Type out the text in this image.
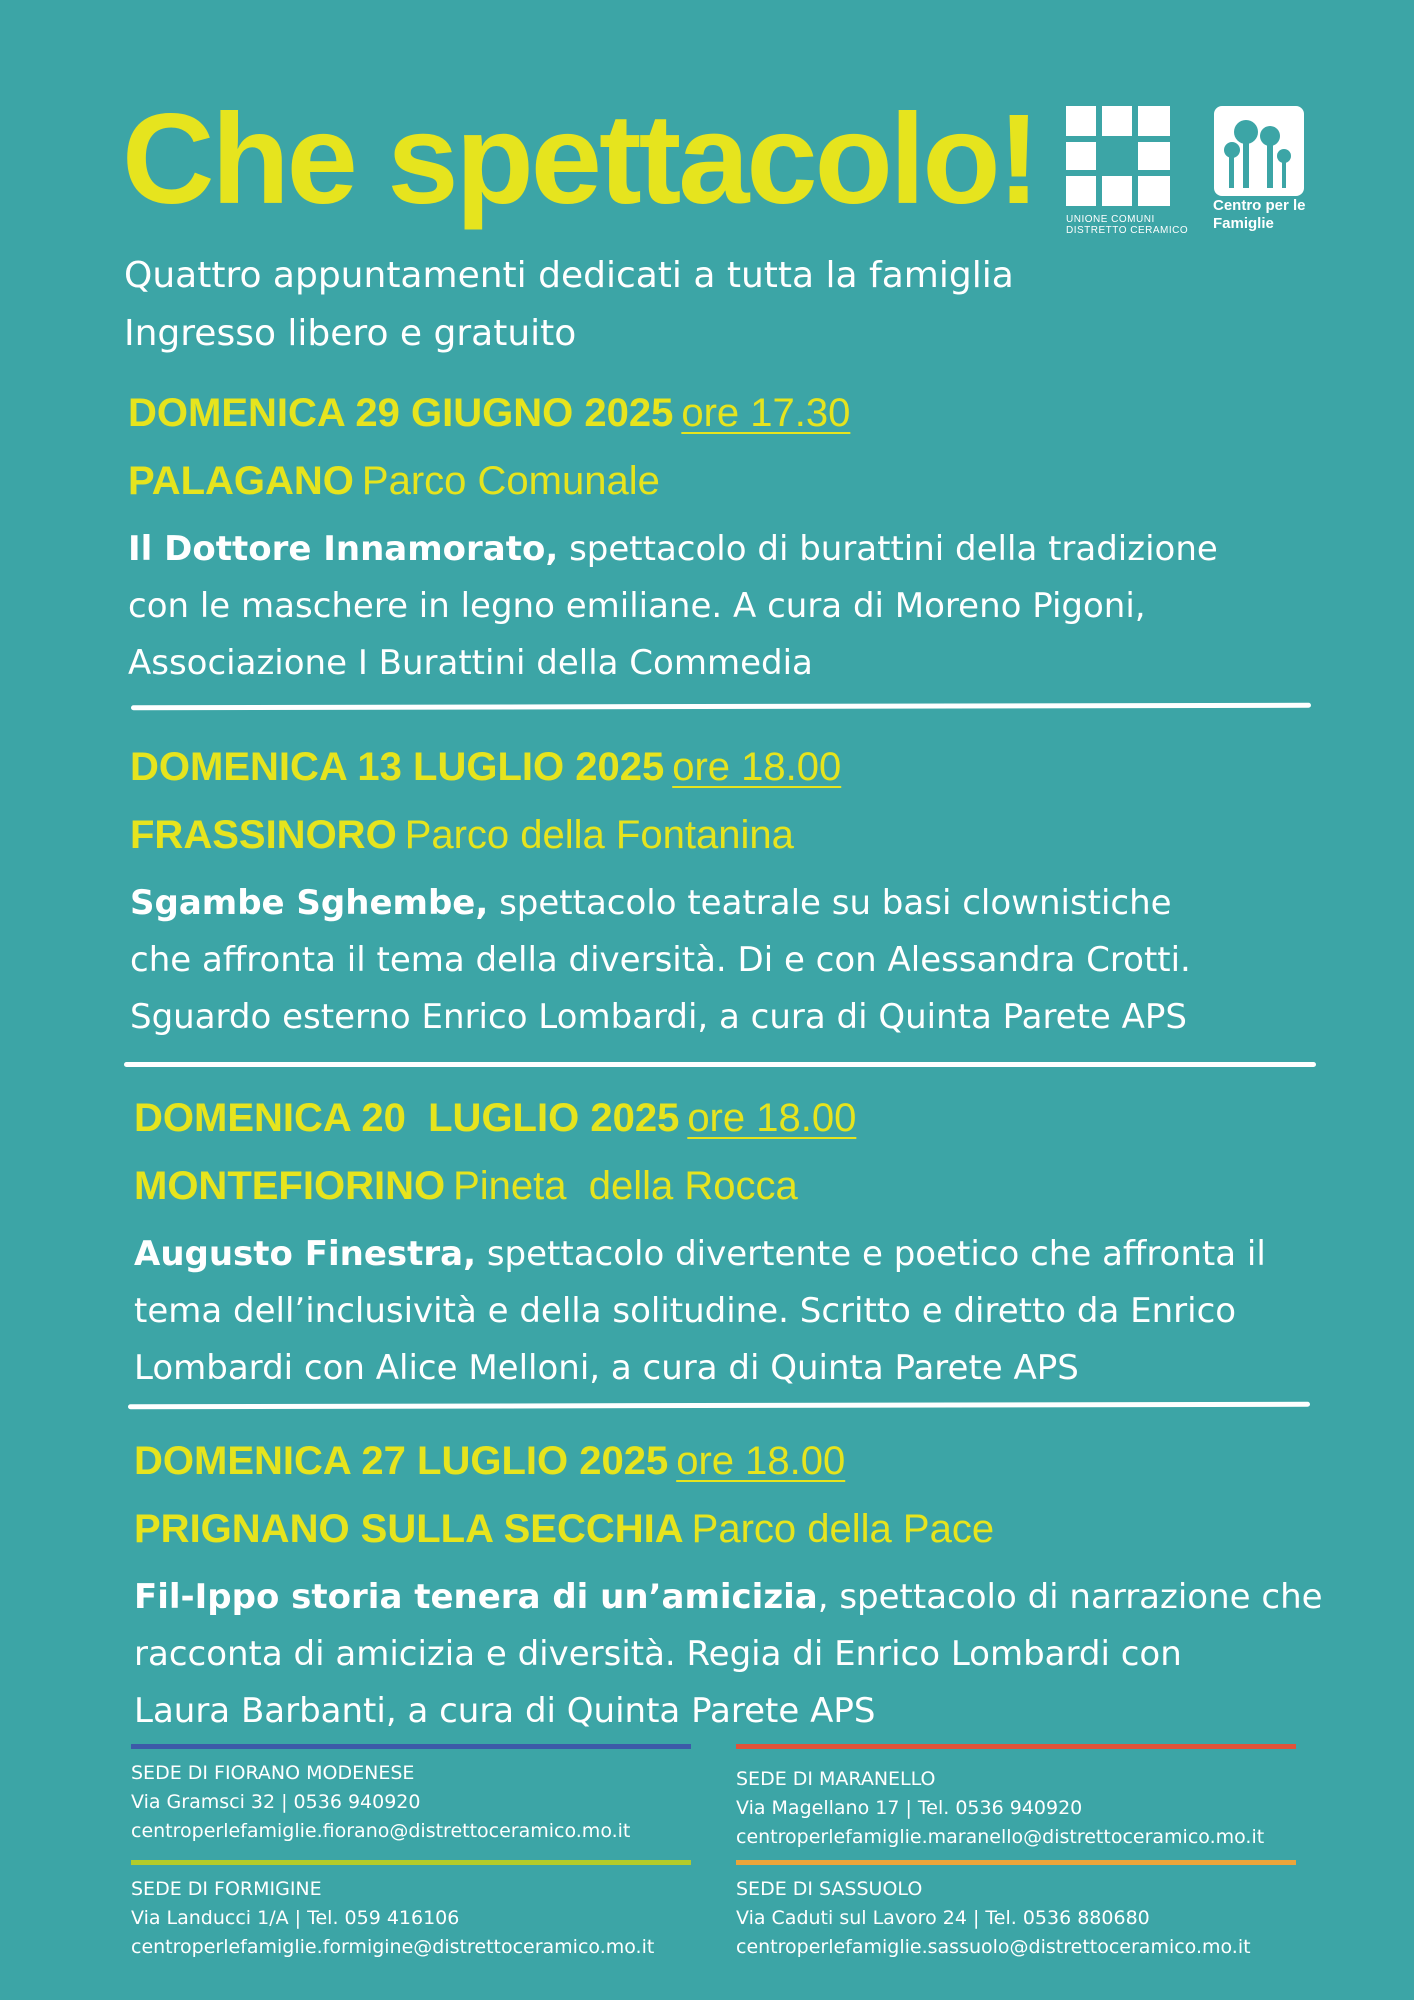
Che spettacolo!
Quattro appuntamenti dedicati a tutta la famiglia
Ingresso libero e gratuito
UNIONE COMUNI
DISTRETTO CERAMICO
Centro per le
Famiglie
DOMENICA 29 GIUGNO 2025 ore 17.30
PALAGANO Parco Comunale
Il Dottore Innamorato, spettacolo di burattini della tradizione
con le maschere in legno emiliane. A cura di Moreno Pigoni,
Associazione I Burattini della Commedia
DOMENICA 13 LUGLIO 2025 ore 18.00
FRASSINORO Parco della Fontanina
Sgambe Sghembe, spettacolo teatrale su basi clownistiche
che affronta il tema della diversità. Di e con Alessandra Crotti.
Sguardo esterno Enrico Lombardi, a cura di Quinta Parete APS
DOMENICA 20  LUGLIO 2025 ore 18.00
MONTEFIORINO Pineta  della Rocca
Augusto Finestra, spettacolo divertente e poetico che affronta il
tema dell’inclusività e della solitudine. Scritto e diretto da Enrico
Lombardi con Alice Melloni, a cura di Quinta Parete APS
DOMENICA 27 LUGLIO 2025 ore 18.00
PRIGNANO SULLA SECCHIA Parco della Pace
Fil-Ippo storia tenera di un’amicizia, spettacolo di narrazione che
racconta di amicizia e diversità. Regia di Enrico Lombardi con
Laura Barbanti, a cura di Quinta Parete APS
SEDE DI FIORANO MODENESE
Via Gramsci 32 | 0536 940920
centroperlefamiglie.fiorano@distrettoceramico.mo.it
SEDE DI MARANELLO
Via Magellano 17 | Tel. 0536 940920
centroperlefamiglie.maranello@distrettoceramico.mo.it
SEDE DI FORMIGINE
Via Landucci 1/A | Tel. 059 416106
centroperlefamiglie.formigine@distrettoceramico.mo.it
SEDE DI SASSUOLO
Via Caduti sul Lavoro 24 | Tel. 0536 880680
centroperlefamiglie.sassuolo@distrettoceramico.mo.it
